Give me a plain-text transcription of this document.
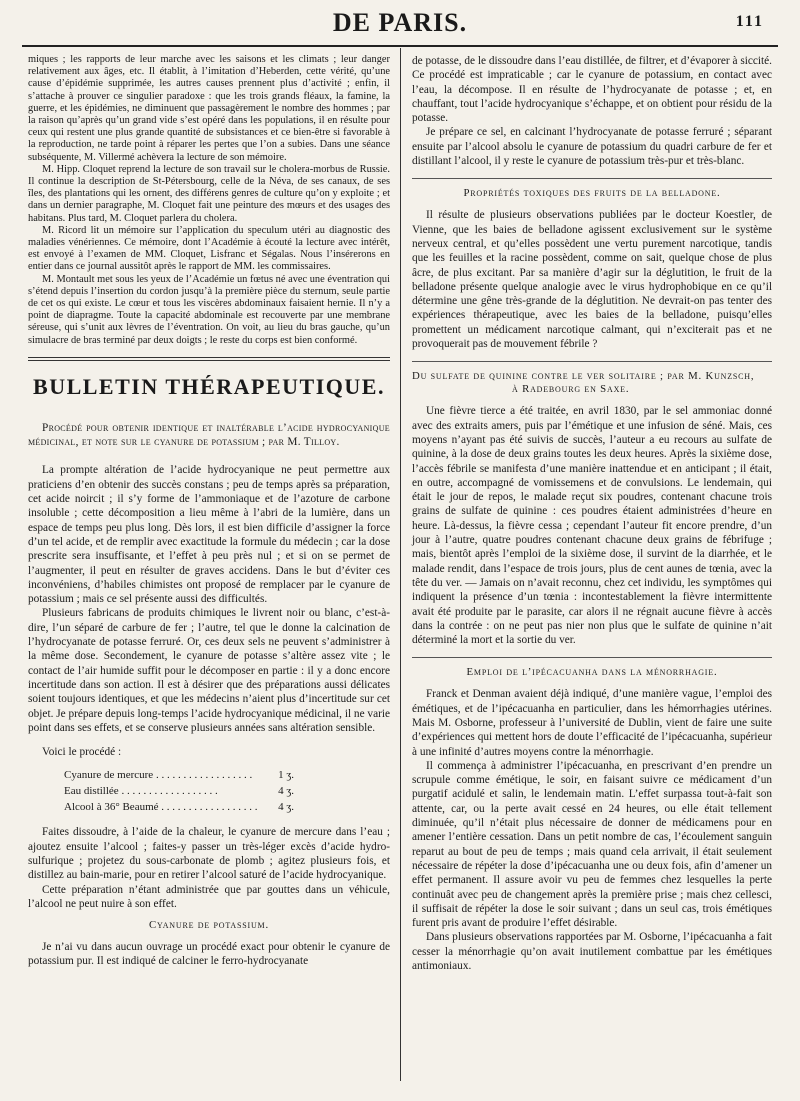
DE PARIS.	111

miques ; les rapports de leur marche avec les saisons et les climats ; leur danger relativement aux âges, etc. Il établit, à l’imitation d’Heberden, cette vérité, qu’une cause d’épidémie supprimée, les autres causes prennent plus d’activité ; enfin, il s’attache à prouver ce singulier paradoxe : que les trois grands fléaux, la famine, la guerre, et les épidémies, ne diminuent que passagèrement le nombre des hommes ; par la raison qu’après qu’un grand vide s’est opéré dans les populations, il en résulte pour ceux qui restent une plus grande quantité de subsistances et ce bien-être si favorable à la reproduction, ne tarde point à réparer les pertes que l’on a subies. Dans une séance subséquente, M. Villermé achèvera la lecture de son mémoire.

M. Hipp. Cloquet reprend la lecture de son travail sur le cholera-morbus de Russie. Il continue la description de St-Pétersbourg, celle de la Néva, de ses canaux, de ses îles, des plantations qui les ornent, des différens genres de culture qu’on y exploite ; et dans un dernier paragraphe, M. Cloquet fait une peinture des mœurs et des usages des habitans. Plus tard, M. Cloquet parlera du cholera.

M. Ricord lit un mémoire sur l’application du speculum utéri au diagnostic des maladies vénériennes. Ce mémoire, dont l’Académie à écouté la lecture avec intérêt, est envoyé à l’examen de MM. Cloquet, Lisfranc et Ségalas. Nous l’insérerons en entier dans ce journal aussitôt après le rapport de MM. les commissaires.

M. Montault met sous les yeux de l’Académie un fœtus né avec une éventration qui s’étend depuis l’insertion du cordon jusqu’à la première pièce du sternum, seule partie de cet os qui existe. Le cœur et tous les viscères abdominaux faisaient hernie. Il n’y a point de diapragme. Toute la capacité abdominale est recouverte par une membrane séreuse, qui s’unit aux lèvres de l’éventration. On voit, au lieu du bras gauche, qu’un simulacre de bras terminé par deux doigts ; le reste du corps est bien conformé.

BULLETIN THÉRAPEUTIQUE.
Procédé pour obtenir identique et inaltérable l’acide hydrocyanique médicinal, et note sur le cyanure de potassium ; par M. Tilloy.

La prompte altération de l’acide hydrocyanique ne peut permettre aux praticiens d’en obtenir des succès constans ; peu de temps après sa préparation, cet acide noircit ; il s’y forme de l’ammoniaque et de l’azoture de carbone insoluble ; cette décomposition a lieu même à l’abri de la lumière, dans un espace de temps peu plus long. Dès lors, il est bien difficile d’assigner la force d’un tel acide, et de remplir avec exactitude la formule du médecin ; car la dose prescrite sera insuffisante, et l’effet à peu près nul ; et si on se permet de l’augmenter, il peut en résulter de graves accidens. Dans le but d’éviter ces inconvéniens, d’habiles chimistes ont proposé de remplacer par le cyanure de potassium ; mais ce sel présente aussi des difficultés.

Plusieurs fabricans de produits chimiques le livrent noir ou blanc, c’est-à-dire, l’un séparé de carbure de fer ; l’autre, tel que le donne la calcination de l’hydrocyanate de potasse ferruré. Or, ces deux sels ne peuvent s’administrer à la même dose. Secondement, le cyanure de potasse s’altère assez vite ; le contact de l’air humide suffit pour le décomposer en partie : il y a donc encore incertitude dans son action. Il est à désirer que des préparations aussi délicates soient toujours identiques, et que les médecins n’aient plus d’incertitude sur cet objet. Je prépare depuis long-temps l’acide hydrocyanique médicinal, il ne varie point dans ses effets, et se conserve plusieurs années sans altération sensible.

Voici le procédé :

Cyanure de mercure . . .	1 ʒ.
Eau distillée . . .	4 ʒ.
Alcool à 36° Beaumé . . .	4 ʒ.

Faites dissoudre, à l’aide de la chaleur, le cyanure de mercure dans l’eau ; ajoutez ensuite l’alcool ; faites-y passer un très-léger excès d’acide hydro-sulfurique ; projetez du sous-carbonate de plomb ; agitez plusieurs fois, et distillez au bain-marie, pour en retirer l’alcool saturé de l’acide hydrocyanique.

Cette préparation n’étant administrée que par gouttes dans un véhicule, l’alcool ne peut nuire à son effet.

Cyanure de potassium.

Je n’ai vu dans aucun ouvrage un procédé exact pour obtenir le cyanure de potassium pur. Il est indiqué de calciner le ferro-hydrocyanate

de potasse, de le dissoudre dans l’eau distillée, de filtrer, et d’évaporer à siccité. Ce procédé est impraticable ; car le cyanure de potassium, en contact avec l’eau, la décompose. Il en résulte de l’hydrocyanate de potasse ; et, en chauffant, tout l’acide hydrocyanique s’échappe, et on obtient pour résidu de la potasse.

Je prépare ce sel, en calcinant l’hydrocyanate de potasse ferruré ; séparant ensuite par l’alcool absolu le cyanure de potassium du quadri carbure de fer et distillant l’alcool, il y reste le cyanure de potassium très-pur et très-blanc.

Propriétés toxiques des fruits de la belladone.

Il résulte de plusieurs observations publiées par le docteur Koestler, de Vienne, que les baies de belladone agissent exclusivement sur le système nerveux central, et qu’elles possèdent une vertu purement narcotique, tandis que les feuilles et la racine possèdent, comme on sait, quelque chose de plus âcre, de plus excitant. Par sa manière d’agir sur la déglutition, le fruit de la belladone présente quelque analogie avec le virus hydrophobique en ce qu’il détermine une gêne très-grande de la déglutition. Ne devrait-on pas tenter des expériences thérapeutique, avec les baies de la belladone, puisqu’elles promettent un médicament narcotique calmant, qui n’exciterait pas et ne provoquerait pas de mouvement fébrile ?

Du sulfate de quinine contre le ver solitaire ; par M. Kunzsch,
à Radebourg en Saxe.

Une fièvre tierce a été traitée, en avril 1830, par le sel ammoniac donné avec des extraits amers, puis par l’émétique et une infusion de séné. Mais, ces moyens n’ayant pas été suivis de succès, l’auteur a eu recours au sulfate de quinine, à la dose de deux grains toutes les deux heures. Après la sixième dose, l’accès fébrile se manifesta d’une manière inattendue et en anticipant ; il était, en outre, accompagné de vomissemens et de convulsions. Le lendemain, qui était le jour de repos, le malade reçut six poudres, contenant chacune trois grains de sulfate de quinine : ces poudres étaient administrées d’heure en heure. Là-dessus, la fièvre cessa ; cependant l’auteur fit encore prendre, d’un jour à l’autre, quatre poudres contenant chacune deux grains de fébrifuge ; mais, bientôt après l’emploi de la sixième dose, il survint de la diarrhée, et le malade rendit, dans l’espace de trois jours, plus de cent aunes de tœnia, avec la tête du ver. — Jamais on n’avait reconnu, chez cet individu, les symptômes qui indiquent la présence d’un tœnia : incontestablement la fièvre intermittente avait été produite par le parasite, car alors il ne régnait aucune fièvre à accès dans la contrée : on ne peut pas nier non plus que le sulfate de quinine n’ait déterminé la mort et la sortie du ver.

Emploi de l’ipécacuanha dans la ménorrhagie.

Franck et Denman avaient déjà indiqué, d’une manière vague, l’emploi des émétiques, et de l’ipécacuanha en particulier, dans les hémorrhagies utérines. Mais M. Osborne, professeur à l’université de Dublin, vient de faire une suite d’expériences qui mettent hors de doute l’efficacité de l’ipécacuanha, supérieur à une infinité d’autres moyens contre la ménorrhagie.

Il commença à administrer l’ipécacuanha, en prescrivant d’en prendre un scrupule comme émétique, le soir, en faisant suivre ce médicament d’un purgatif acidulé et salin, le lendemain matin. L’effet surpassa tout-à-fait son attente, car, ou la perte avait cessé en 24 heures, ou elle était tellement diminuée, qu’il n’était plus nécessaire de donner de médicamens pour en amener l’entière cessation. Dans un petit nombre de cas, l’écoulement sanguin reparut au bout de peu de temps ; mais quand cela arrivait, il était seulement nécessaire de répéter la dose d’ipécacuanha une ou deux fois, afin d’amener un effet permanent. Il assure avoir vu peu de femmes chez lesquelles la perte continuât avec peu de changement après la première prise ; mais chez cellesci, il suffisait de répéter la dose le soir suivant ; dans un seul cas, trois émétiques furent pris avant de produire l’effet désirable.

Dans plusieurs observations rapportées par M. Osborne, l’ipécacuanha a fait cesser la ménorrhagie qu’on avait inutilement combattue par les émétiques antimoniaux.
